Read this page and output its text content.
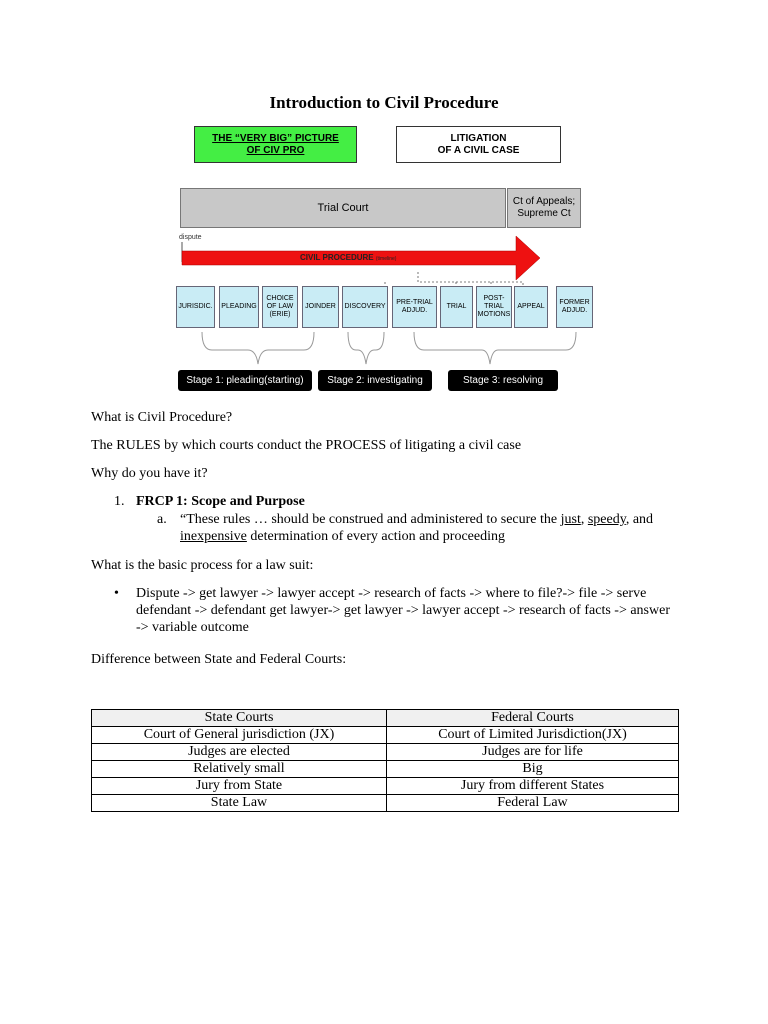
Introduction to Civil Procedure
THE “VERY BIG” PICTURE
OF CIV PRO
LITIGATION
OF A CIVIL CASE
Trial Court
Ct of Appeals;
Supreme Ct
dispute
CIVIL PROCEDURE (timeline)
JURISDIC. PLEADING
CHOICE
OF LAW
(ERIE)
JOINDER DISCOVERY
PRE-TRIAL
ADJUD.
TRIAL
POST-
TRIAL
MOTIONS
APPEAL
FORMER
ADJUD.
Stage 1: pleading(starting) Stage 2: investigating	Stage 3: resolving
What is Civil Procedure?
The RULES by which courts conduct the PROCESS of litigating a civil case
Why do you have it?
1. FRCP 1: Scope and Purpose
a. “These rules … should be construed and administered to secure the just, speedy, and
inexpensive determination of every action and proceeding
What is the basic process for a law suit:
• Dispute -> get lawyer -> lawyer accept -> research of facts -> where to file?-> file -> serve defendant -> defendant get lawyer-> get lawyer -> lawyer accept -> research of facts -> answer -> variable outcome
Difference between State and Federal Courts:
State Courts	Federal Courts
Court of General jurisdiction (JX)	Court of Limited Jurisdiction(JX)
Judges are elected	Judges are for life
Relatively small	Big
Jury from State	Jury from different States
State Law	Federal Law
